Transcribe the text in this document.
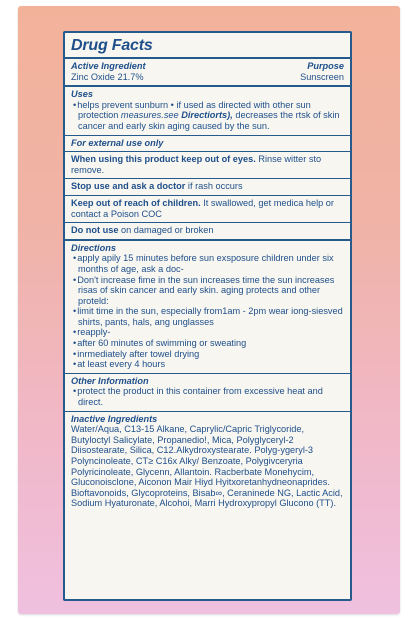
Drug Facts
Active Ingredient	Purpose
Zinc Oxide 21.7%	Sunscreen
Uses

• helps prevent sunburn • if used as directed with other sun protection measures.see Directiorts), decreases the rtsk of skin cancer and early skin aging caused by the sun.

For external use only

When using this product keep out of eyes. Rinse witter sto remove.

Stop use and ask a doctor if rash occurs

Keep out of reach of children. It swallowed, get medica help or contact a Poison COC

Do not use on damaged or broken

Directions

• apply apily 15 minutes before sun exsposure children under six months of age, ask a doc-

• Don't increase fime in the sun increases time the sun increases risas of skin cancer and early skin. aging protects and other proteld:

• limit time in the sun, especially from1am - 2pm wear iong-siesved shirts, pants, hals, ang unglasses

• reapply-

• after 60 minutes of swimming or sweating

• inrmediately after towel drying

• at least every 4 hours

Other Information

• protect the product in this container from excessive heat and direct.

Inactive Ingredients

Water/Aqua, C13-15 Alkane, Caprylic/Capric Triglycoride, Butyloctyl Salicylate, Propanedio!, Mica, Polyglyceryl-2 Diisostearate, Silica, C12.Alkydroxystearate. Polyg-ygeryl-3 Polyncinoleate, CT≥ C16x Alky/ Benzoate, Polygivceryria Polyricinoleate, Glycenn, Allantoin. Racberbate Monehycim, Gluconoisclone, Aiconon Mair Hiyd Hyitxoretanhydneonaprides. Bioftavonoids, Glycoproteins, Bisab∞, Ceraninede NG, Lactic Acid, Sodium Hyaturonate, Alcohoi, Marri Hydroxypropyl Glucono (TT).
